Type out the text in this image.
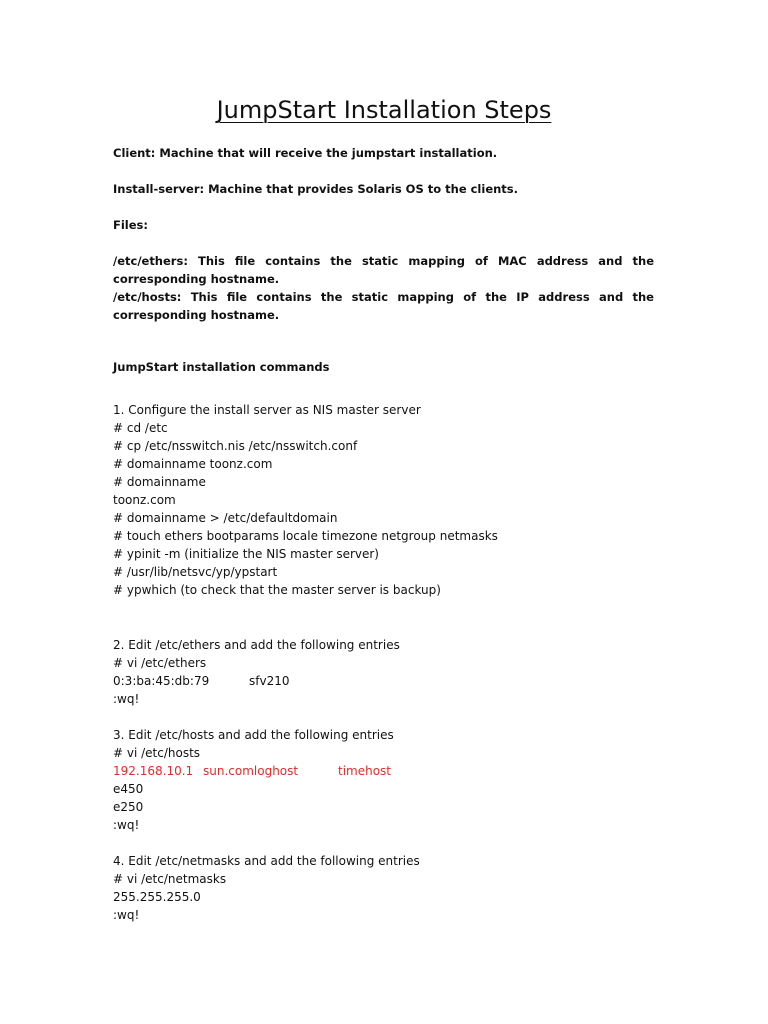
JumpStart Installation Steps

Client: Machine that will receive the jumpstart installation.

Install-server: Machine that provides Solaris OS to the clients.

Files:

/etc/ethers: This file contains the static mapping of MAC address and the corresponding hostname.

/etc/hosts: This file contains the static mapping of the IP address and the corresponding hostname.

JumpStart installation commands

1. Configure the install server as NIS master server

# cd /etc

# cp /etc/nsswitch.nis /etc/nsswitch.conf

# domainname toonz.com

# domainname

toonz.com

# domainname > /etc/defaultdomain

# touch ethers bootparams locale timezone netgroup netmasks

# ypinit -m (initialize the NIS master server)

# /usr/lib/netsvc/yp/ypstart

# ypwhich (to check that the master server is backup)

2. Edit /etc/ethers and add the following entries

# vi /etc/ethers

0:3:ba:45:db:79	sfv210

:wq!

3. Edit /etc/hosts and add the following entries

# vi /etc/hosts

192.168.10.1 sun.comloghost	timehost

e450

e250

:wq!

4. Edit /etc/netmasks and add the following entries

# vi /etc/netmasks

255.255.255.0

:wq!
